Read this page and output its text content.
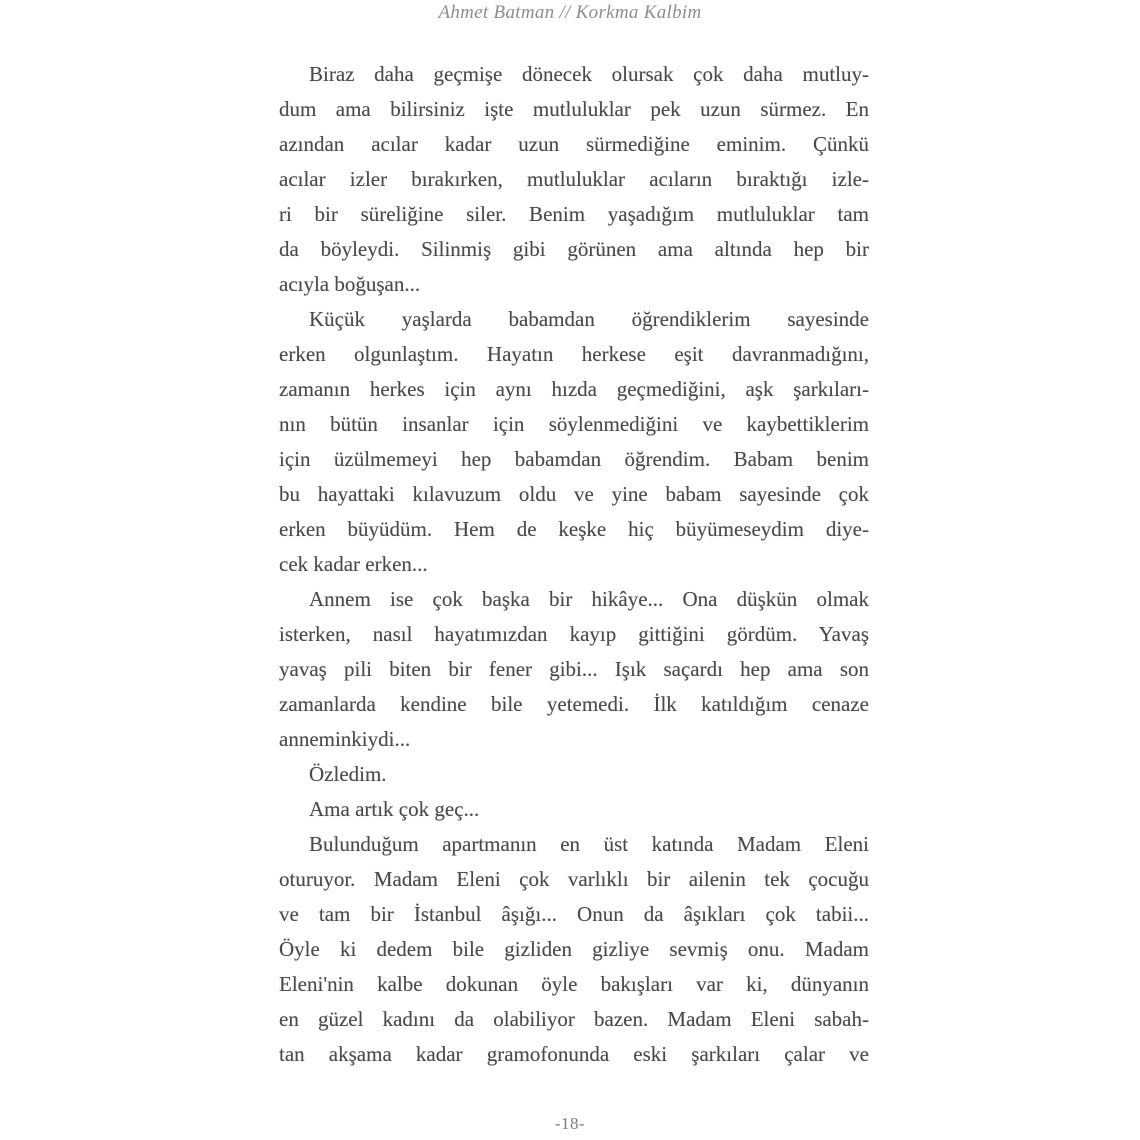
Ahmet Batman // Korkma Kalbim
Biraz daha geçmişe dönecek olursak çok daha mutluy-
dum ama bilirsiniz işte mutluluklar pek uzun sürmez. En
azından acılar kadar uzun sürmediğine eminim. Çünkü
acılar izler bırakırken, mutluluklar acıların bıraktığı izle-
ri bir süreliğine siler. Benim yaşadığım mutluluklar tam
da böyleydi. Silinmiş gibi görünen ama altında hep bir
acıyla boğuşan...
Küçük yaşlarda babamdan öğrendiklerim sayesinde
erken olgunlaştım. Hayatın herkese eşit davranmadığını,
zamanın herkes için aynı hızda geçmediğini, aşk şarkıları-
nın bütün insanlar için söylenmediğini ve kaybettiklerim
için üzülmemeyi hep babamdan öğrendim. Babam benim
bu hayattaki kılavuzum oldu ve yine babam sayesinde çok
erken büyüdüm. Hem de keşke hiç büyümeseydim diye-
cek kadar erken...
Annem ise çok başka bir hikâye... Ona düşkün olmak
isterken, nasıl hayatımızdan kayıp gittiğini gördüm. Yavaş
yavaş pili biten bir fener gibi... Işık saçardı hep ama son
zamanlarda kendine bile yetemedi. İlk katıldığım cenaze
anneminkiydi...
Özledim.
Ama artık çok geç...
Bulunduğum apartmanın en üst katında Madam Eleni
oturuyor. Madam Eleni çok varlıklı bir ailenin tek çocuğu
ve tam bir İstanbul âşığı... Onun da âşıkları çok tabii...
Öyle ki dedem bile gizliden gizliye sevmiş onu. Madam
Eleni'nin kalbe dokunan öyle bakışları var ki, dünyanın
en güzel kadını da olabiliyor bazen. Madam Eleni sabah-
tan akşama kadar gramofonunda eski şarkıları çalar ve
-18-
